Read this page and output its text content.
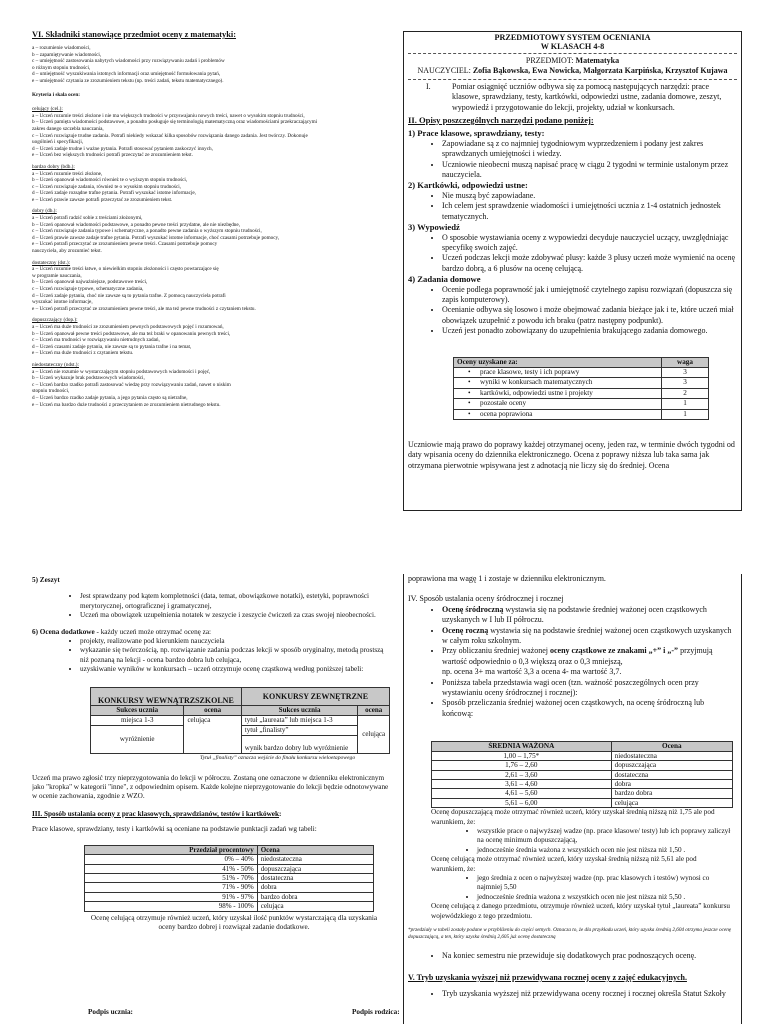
VI. Składniki stanowiące przedmiot oceny z matematyki:
a – rozumienie wiadomości,
b – zapamiętywanie wiadomości,
c – umiejętność zastosowania nabytych wiadomości przy rozwiązywaniu zadań i problemów
o różnym stopniu trudności,
d – umiejętność wyszukiwania istotnych informacji oraz umiejętność formułowania pytań,
e – umiejętność czytania ze zrozumieniem tekstu (np. treści zadań, tekstu matematycznego).
Kryteria i skala ocen:
celujący (cel.):
a – Uczeń rozumie treści złożone i nie ma większych trudności w przyswajaniu nowych treści, nawet o wysokim stopniu trudności,
b – Uczeń pamięta wiadomości podstawowe, a ponadto posługuje się terminologią matematyczną oraz wiadomościami przekraczającymi
zakres danego szczebla nauczania,
c – Uczeń rozwiązuje trudne zadania. Potrafi niekiedy wskazać kilka sposobów rozwiązania danego zadania. Jest twórczy. Dokonuje
uogólnień i specyfikacji,
d – Uczeń zadaje trudne i ważne pytania. Potrafi stosować pytaniem zaskoczyć innych,
e – Uczeń bez większych trudności potrafi przeczytać ze zrozumieniem tekst.
bardzo dobry (bdb.):
a – Uczeń rozumie treści złożone,
b – Uczeń opanował wiadomości również te o wyższym stopniu trudności,
c – Uczeń rozwiązuje zadania, również te o wysokim stopniu trudności,
d – Uczeń zadaje rozsądne trafne pytania. Potrafi wyszukać istotne informacje,
e – Uczeń prawie zawsze potrafi przeczytać ze zrozumieniem tekst.
dobry (db.):
a – Uczeń potrafi radzić sobie z treściami złożonymi,
b – Uczeń opanował wiadomości podstawowe, a ponadto pewne treści przydatne, ale nie niezbędne,
c – Uczeń rozwiązuje zadania typowe i schematyczne, a ponadto pewne zadania o wyższym stopniu trudności,
d – Uczeń prawie zawsze zadaje trafne pytania. Potrafi wyszukać istotne informacje, choć czasami potrzebuje pomocy,
e – Uczeń potrafi przeczytać ze zrozumieniem pewne treści. Czasami potrzebuje pomocy
nauczyciela, aby zrozumieć tekst.
dostateczny (dst.):
a – Uczeń rozumie treści łatwe, o niewielkim stopniu złożoności i często powtarzające się
w programie nauczania,
b – Uczeń opanował najważniejsze, podstawowe treści,
c – Uczeń rozwiązuje typowe, schematyczne zadania,
d – Uczeń zadaje pytania, choć nie zawsze są to pytania trafne. Z pomocą nauczyciela potrafi
wyszukać istotne informacje,
e – Uczeń potrafi przeczytać ze zrozumieniem pewne treści, ale ma też pewne trudności z czytaniem tekstu.
dopuszczający (dop.):
a – Uczeń ma duże trudności ze zrozumieniem pewnych podstawowych pojęć i rozumowań,
b – Uczeń opanował pewne treści podstawowe, ale ma też braki w opanowaniu pewnych treści,
c – Uczeń ma trudności w rozwiązywaniu nietrudnych zadań,
d – Uczeń czasami zadaje pytania, nie zawsze są to pytania trafne i na temat,
e – Uczeń ma duże trudności z czytaniem tekstu.
niedostateczny (ndst.):
a – Uczeń nie rozumie w wystarczającym stopniu podstawowych wiadomości i pojęć,
b – Uczeń wykazuje brak podstawowych wiadomości,
c – Uczeń bardzo rzadko potrafi zastosować wiedzę przy rozwiązywaniu zadań, nawet o niskim
stopniu trudności,
d – Uczeń bardzo rzadko zadaje pytania, a jego pytania często są nietrafne,
e – Uczeń ma bardzo duże trudności z przeczytaniem ze zrozumieniem nietrudnego tekstu.
PRZEDMIOTOWY SYSTEM OCENIANIA
W KLASACH 4-8
PRZEDMIOT: Matematyka
NAUCZYCIEL: Zofia Bąkowska, Ewa Nowicka, Małgorzata Karpińska, Krzysztof Kujawa
I.	Pomiar osiągnięć uczniów odbywa się za pomocą następujących narzędzi: prace klasowe, sprawdziany, testy, kartkówki, odpowiedzi ustne, zadania domowe, zeszyt, wypowiedź i przygotowanie do lekcji, projekty, udział w konkursach.
II. Opisy poszczególnych narzędzi podano poniżej:
1) Prace klasowe, sprawdziany, testy:
• Zapowiadane są z co najmniej tygodniowym wyprzedzeniem i podany jest zakres sprawdzanych umiejętności i wiedzy.
• Uczniowie nieobecni muszą napisać pracę w ciągu 2 tygodni w terminie ustalonym przez nauczyciela.
2) Kartkówki, odpowiedzi ustne:
• Nie muszą być zapowiadane.
• Ich celem jest sprawdzenie wiadomości i umiejętności ucznia z 1-4 ostatnich jednostek tematycznych.
3) Wypowiedź
• O sposobie wystawiania oceny z wypowiedzi decyduje nauczyciel uczący, uwzględniając specyfikę swoich zajęć.
• Uczeń podczas lekcji może zdobywać plusy: każde 3 plusy uczeń może wymienić na ocenę bardzo dobrą, a 6 plusów na ocenę celującą.
4) Zadania domowe
• Ocenie podlega poprawność jak i umiejętność czytelnego zapisu rozwiązań (dopuszcza się zapis komputerowy).
• Ocenianie odbywa się losowo i może obejmować zadania bieżące jak i te, które uczeń miał obowiązek uzupełnić z powodu ich braku (patrz następny podpunkt).
• Uczeń jest ponadto zobowiązany do uzupełnienia brakującego zadania domowego.
Oceny uzyskane za:	waga

• prace klasowe, testy i ich poprawy	3

• wyniki w konkursach matematycznych	3

• kartkówki, odpowiedzi ustne i projekty	2

• pozostałe oceny	1

• ocena poprawiona	1
Uczniowie mają prawo do poprawy każdej otrzymanej oceny, jeden raz, w terminie dwóch tygodni od daty wpisania oceny do dziennika elektronicznego. Ocena z poprawy niższa lub taka sama jak otrzymana pierwotnie wpisywana jest z adnotacją nie liczy się do średniej. Ocena
5) Zeszyt
• Jest sprawdzany pod kątem kompletności (data, temat, obowiązkowe notatki), estetyki, poprawności merytorycznej, ortograficznej i gramatycznej,
• Uczeń ma obowiązek uzupełnienia notatek w zeszycie i zeszycie ćwiczeń za czas swojej nieobecności.
6) Ocena dodatkowe - każdy uczeń może otrzymać ocenę za:
• projekty, realizowane pod kierunkiem nauczyciela
• wykazanie się twórczością, np. rozwiązanie zadania podczas lekcji w sposób oryginalny, metodą prostszą niż poznaną na lekcji - ocena bardzo dobra lub celująca,
• uzyskiwanie wyników w konkursach – uczeń otrzymuje ocenę cząstkową według poniższej tabeli:
KONKURSY WEWNĄTRZSZKOLNE		KONKURSY ZEWNĘTRZNE	
Sukces ucznia	ocena	Sukces ucznia	ocena
miejsca 1-3	celująca	tytuł „laureata” lub miejsca 1-3	celująca
wyróżnienie		tytuł „finalisty”	
		wynik bardzo dobry lub wyróżnienie	
Tytuł „finalisty” oznacza wejście do finału konkursu wieloetapowego
Uczeń ma prawo zgłosić trzy nieprzygotowania do lekcji w półroczu. Zostaną one oznaczone w dzienniku elektronicznym jako "kropka" w kategorii "inne", z odpowiednim opisem. Każde kolejne nieprzygotowanie do lekcji będzie odnotowywane w ocenie zachowania, zgodnie z WZO.
III. Sposób ustalania oceny z prac klasowych, sprawdzianów, testów i kartkówek:
Prace klasowe, sprawdziany, testy i kartkówki są oceniane na podstawie punktacji zadań wg tabeli:
Przedział procentowy	Ocena
0% – 40%	niedostateczna
41% - 50%	dopuszczająca
51% - 70%	dostateczna
71% - 90%	dobra
91% - 97%	bardzo dobra
98% - 100%	celująca
Ocenę celującą otrzymuje również uczeń, który uzyskał ilość punktów wystarczającą dla uzyskania oceny bardzo dobrej i rozwiązał zadanie dodatkowe.
Podpis ucznia:	Podpis rodzica:
poprawiona ma wagę 1 i zostaje w dzienniku elektronicznym.
IV. Sposób ustalania oceny śródrocznej i rocznej
• Ocenę śródroczną wystawia się na podstawie średniej ważonej ocen cząstkowych uzyskanych w I lub II półroczu.
• Ocenę roczną wystawia się na podstawie średniej ważonej ocen cząstkowych uzyskanych w całym roku szkolnym.
• Przy obliczaniu średniej ważonej oceny cząstkowe ze znakami „+” i „-” przyjmują wartość odpowiednio o 0,3 większą oraz o 0,3 mniejszą,
np. ocena 3+ ma wartość 3,3 a ocena 4- ma wartość 3,7.
• Poniższa tabela przedstawia wagi ocen (tzn. ważność poszczególnych ocen przy wystawianiu oceny śródrocznej i rocznej):
• Sposób przeliczania średniej ważonej ocen cząstkowych, na ocenę śródroczną lub końcową:
ŚREDNIA WAŻONA	Ocena
1,00 – 1,75*	niedostateczna
1,76 – 2,60	dopuszczająca
2,61 – 3,60	dostateczna
3,61 – 4,60	dobra
4,61 – 5,60	bardzo dobra
5,61 – 6,00	celująca
Ocenę dopuszczającą może otrzymać również uczeń, który uzyskał średnią niższą niż 1,75 ale pod warunkiem, że:
• wszystkie prace o najwyższej wadze (np. prace klasowe/ testy) lub ich poprawy zaliczył na ocenę minimum dopuszczającą,
• jednocześnie średnia ważona z wszystkich ocen nie jest niższa niż 1,50 .
Ocenę celującą może otrzymać również uczeń, który uzyskał średnią niższą niż 5,61 ale pod warunkiem, że:
• jego średnia z ocen o najwyższej wadze (np. prac klasowych i testów) wynosi co najmniej 5,50
• jednocześnie średnia ważona z wszystkich ocen nie jest niższa niż 5,50 .
Ocenę celującą z danego przedmiotu, otrzymuje również uczeń, który uzyskał tytuł „laureata” konkursu wojewódzkiego z tego przedmiotu.
*przedziały w tabeli zostały podane w przybliżeniu do części setnych. Oznacza to, że dla przykładu uczeń, który uzyska średnią 2,604 otrzyma jeszcze ocenę dopuszczającą, a ten, który uzyska średnią 2,605 już ocenę dostateczną
• Na koniec semestru nie przewiduje się dodatkowych prac podnoszących ocenę.
V. Tryb uzyskania wyższej niż przewidywana rocznej oceny z zajęć edukacyjnych.
• Tryb uzyskania wyższej niż przewidywana oceny rocznej i rocznej określa Statut Szkoły
